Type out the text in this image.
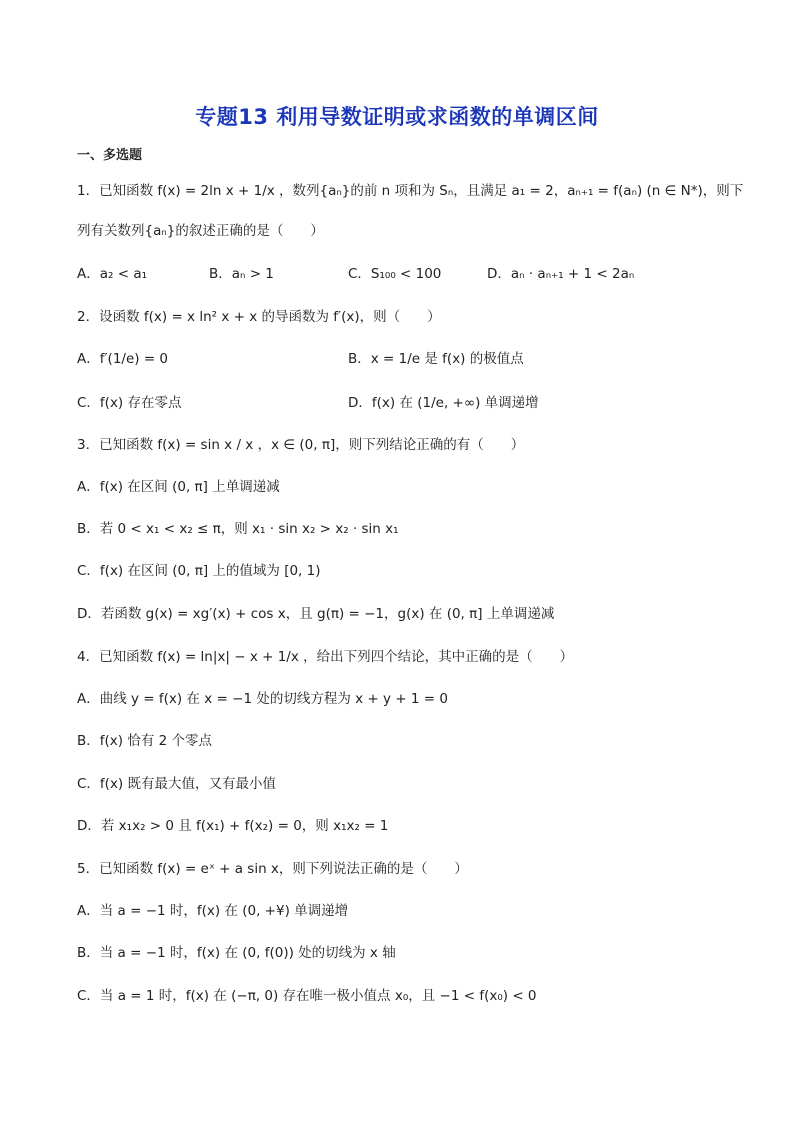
专题13 利用导数证明或求函数的单调区间
一、多选题
1．已知函数 f(x) = 2ln x + 1/x ，数列{aₙ}的前 n 项和为 Sₙ，且满足 a₁ = 2，aₙ₊₁ = f(aₙ) (n ∈ N*)，则下
列有关数列{aₙ}的叙述正确的是（　　）
A．a₂ < a₁	B．aₙ > 1	C．S₁₀₀ < 100	D．aₙ · aₙ₊₁ + 1 < 2aₙ
2．设函数 f(x) = x ln² x + x 的导函数为 f′(x)，则（　　）
A．f′(1/e) = 0	B．x = 1/e 是 f(x) 的极值点
C．f(x) 存在零点	D．f(x) 在 (1/e, +∞) 单调递增
3．已知函数 f(x) = sin x / x ，x ∈ (0, π]，则下列结论正确的有（　　）
A．f(x) 在区间 (0, π] 上单调递减
B．若 0 < x₁ < x₂ ≤ π，则 x₁ · sin x₂ > x₂ · sin x₁
C．f(x) 在区间 (0, π] 上的值域为 [0, 1)
D．若函数 g(x) = xg′(x) + cos x，且 g(π) = −1，g(x) 在 (0, π] 上单调递减
4．已知函数 f(x) = ln|x| − x + 1/x ，给出下列四个结论，其中正确的是（　　）
A．曲线 y = f(x) 在 x = −1 处的切线方程为 x + y + 1 = 0
B．f(x) 恰有 2 个零点
C．f(x) 既有最大值，又有最小值
D．若 x₁x₂ > 0 且 f(x₁) + f(x₂) = 0，则 x₁x₂ = 1
5．已知函数 f(x) = eˣ + a sin x，则下列说法正确的是（　　）
A．当 a = −1 时，f(x) 在 (0, +¥) 单调递增
B．当 a = −1 时，f(x) 在 (0, f(0)) 处的切线为 x 轴
C．当 a = 1 时，f(x) 在 (−π, 0) 存在唯一极小值点 x₀，且 −1 < f(x₀) < 0
